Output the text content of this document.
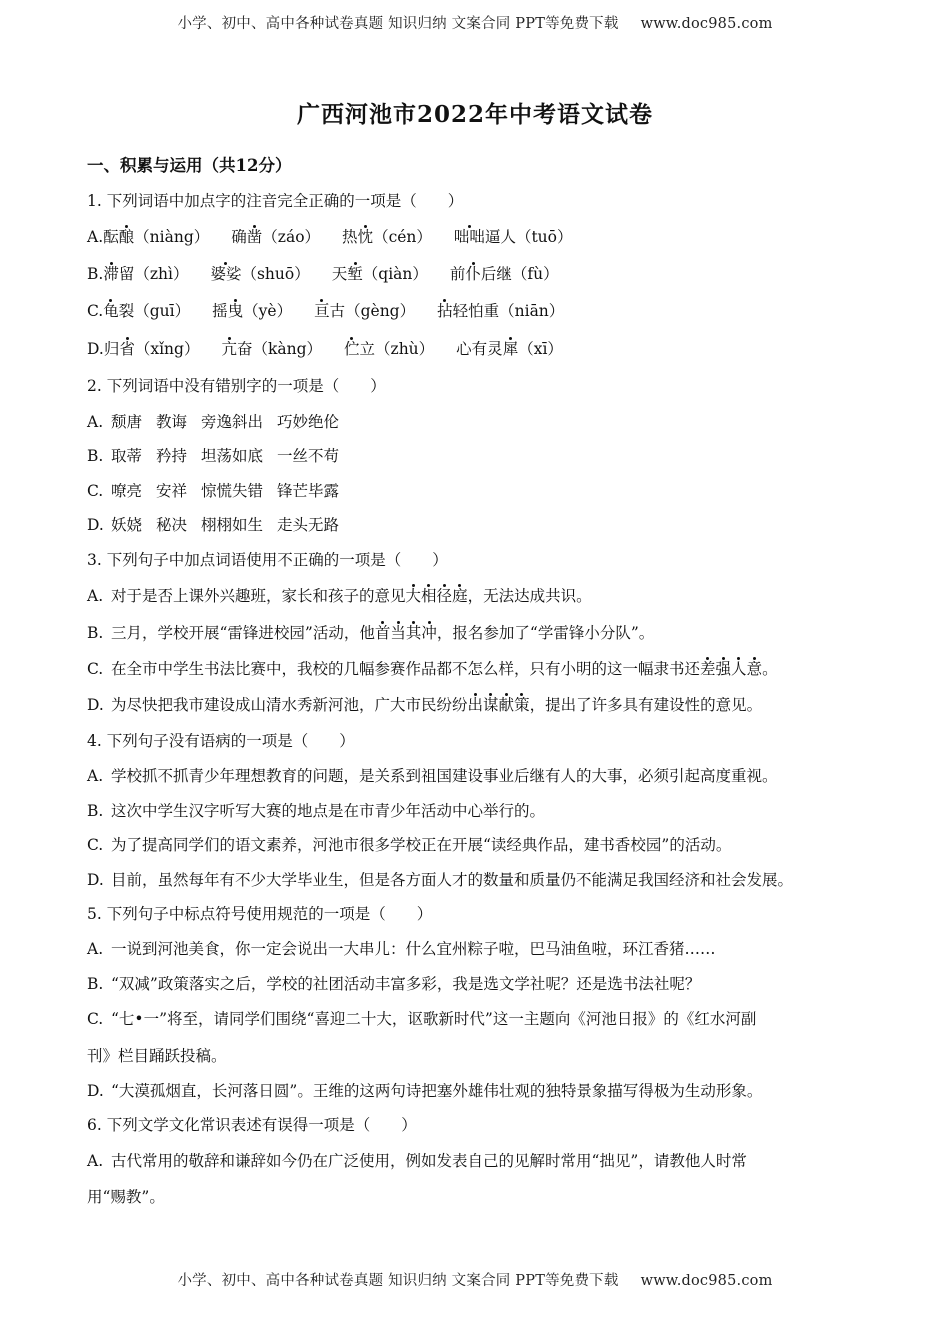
小学、初中、高中各种试卷真题 知识归纳 文案合同 PPT等免费下载 www.doc985.com
广西河池市2022年中考语文试卷
一、积累与运用（共12分）
1. 下列词语中加点字的注音完全正确的一项是（　　）
A.酝酿（niàng） 确凿（záo） 热忱（cén） 咄咄逼人（tuō）
B.滞留（zhì） 婆娑（shuō） 天堑（qiàn） 前仆后继（fù）
C.龟裂（guī） 摇曳（yè） 亘古（gèng） 拈轻怕重（niān）
D.归省（xǐng） 亢奋（kàng） 伫立（zhù） 心有灵犀（xī）
2. 下列词语中没有错别字的一项是（　　）
A. 颓唐 教诲 旁逸斜出 巧妙绝伦
B. 取蒂 矜持 坦荡如底 一丝不苟
C. 嘹亮 安祥 惊慌失错 锋芒毕露
D. 妖娆 秘决 栩栩如生 走头无路
3. 下列句子中加点词语使用不正确的一项是（　　）
A. 对于是否上课外兴趣班，家长和孩子的意见大相径庭，无法达成共识。
B. 三月，学校开展“雷锋进校园”活动，他首当其冲，报名参加了“学雷锋小分队”。
C. 在全市中学生书法比赛中，我校的几幅参赛作品都不怎么样，只有小明的这一幅隶书还差强人意。
D. 为尽快把我市建设成山清水秀新河池，广大市民纷纷出谋献策，提出了许多具有建设性的意见。
4. 下列句子没有语病的一项是（　　）
A. 学校抓不抓青少年理想教育的问题，是关系到祖国建设事业后继有人的大事，必须引起高度重视。
B. 这次中学生汉字听写大赛的地点是在市青少年活动中心举行的。
C. 为了提高同学们的语文素养，河池市很多学校正在开展“读经典作品，建书香校园”的活动。
D. 目前，虽然每年有不少大学毕业生，但是各方面人才的数量和质量仍不能满足我国经济和社会发展。
5. 下列句子中标点符号使用规范的一项是（　　）
A. 一说到河池美食，你一定会说出一大串儿：什么宜州粽子啦，巴马油鱼啦，环江香猪……
B. “双减”政策落实之后，学校的社团活动丰富多彩，我是选文学社呢？还是选书法社呢？
C. “七•一”将至，请同学们围绕“喜迎二十大，讴歌新时代”这一主题向《河池日报》的《红水河副
刊》栏目踊跃投稿。
D. “大漠孤烟直，长河落日圆”。王维的这两句诗把塞外雄伟壮观的独特景象描写得极为生动形象。
6. 下列文学文化常识表述有误得一项是（　　）
A. 古代常用的敬辞和谦辞如今仍在广泛使用，例如发表自己的见解时常用“拙见”，请教他人时常
用“赐教”。
小学、初中、高中各种试卷真题 知识归纳 文案合同 PPT等免费下载 www.doc985.com
